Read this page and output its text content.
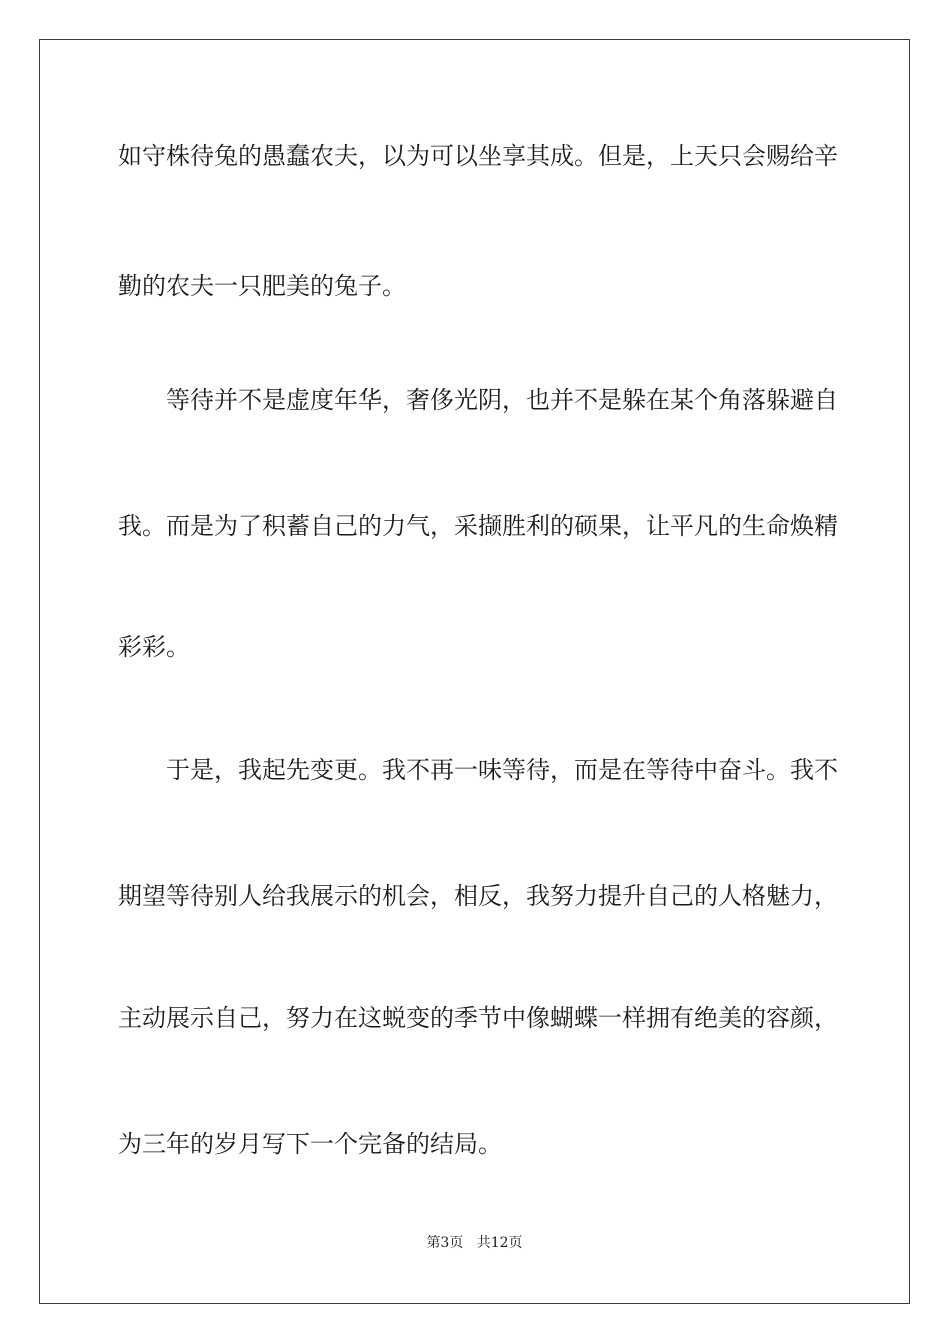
如守株待兔的愚蠢农夫，以为可以坐享其成。但是，上天只会赐给辛
勤的农夫一只肥美的兔子。
等待并不是虚度年华，奢侈光阴，也并不是躲在某个角落躲避自
我。而是为了积蓄自己的力气，采撷胜利的硕果，让平凡的生命焕精
彩彩。
于是，我起先变更。我不再一味等待，而是在等待中奋斗。我不
期望等待别人给我展示的机会，相反，我努力提升自己的人格魅力，
主动展示自己，努力在这蜕变的季节中像蝴蝶一样拥有绝美的容颜，
为三年的岁月写下一个完备的结局。
第3页 共12页
